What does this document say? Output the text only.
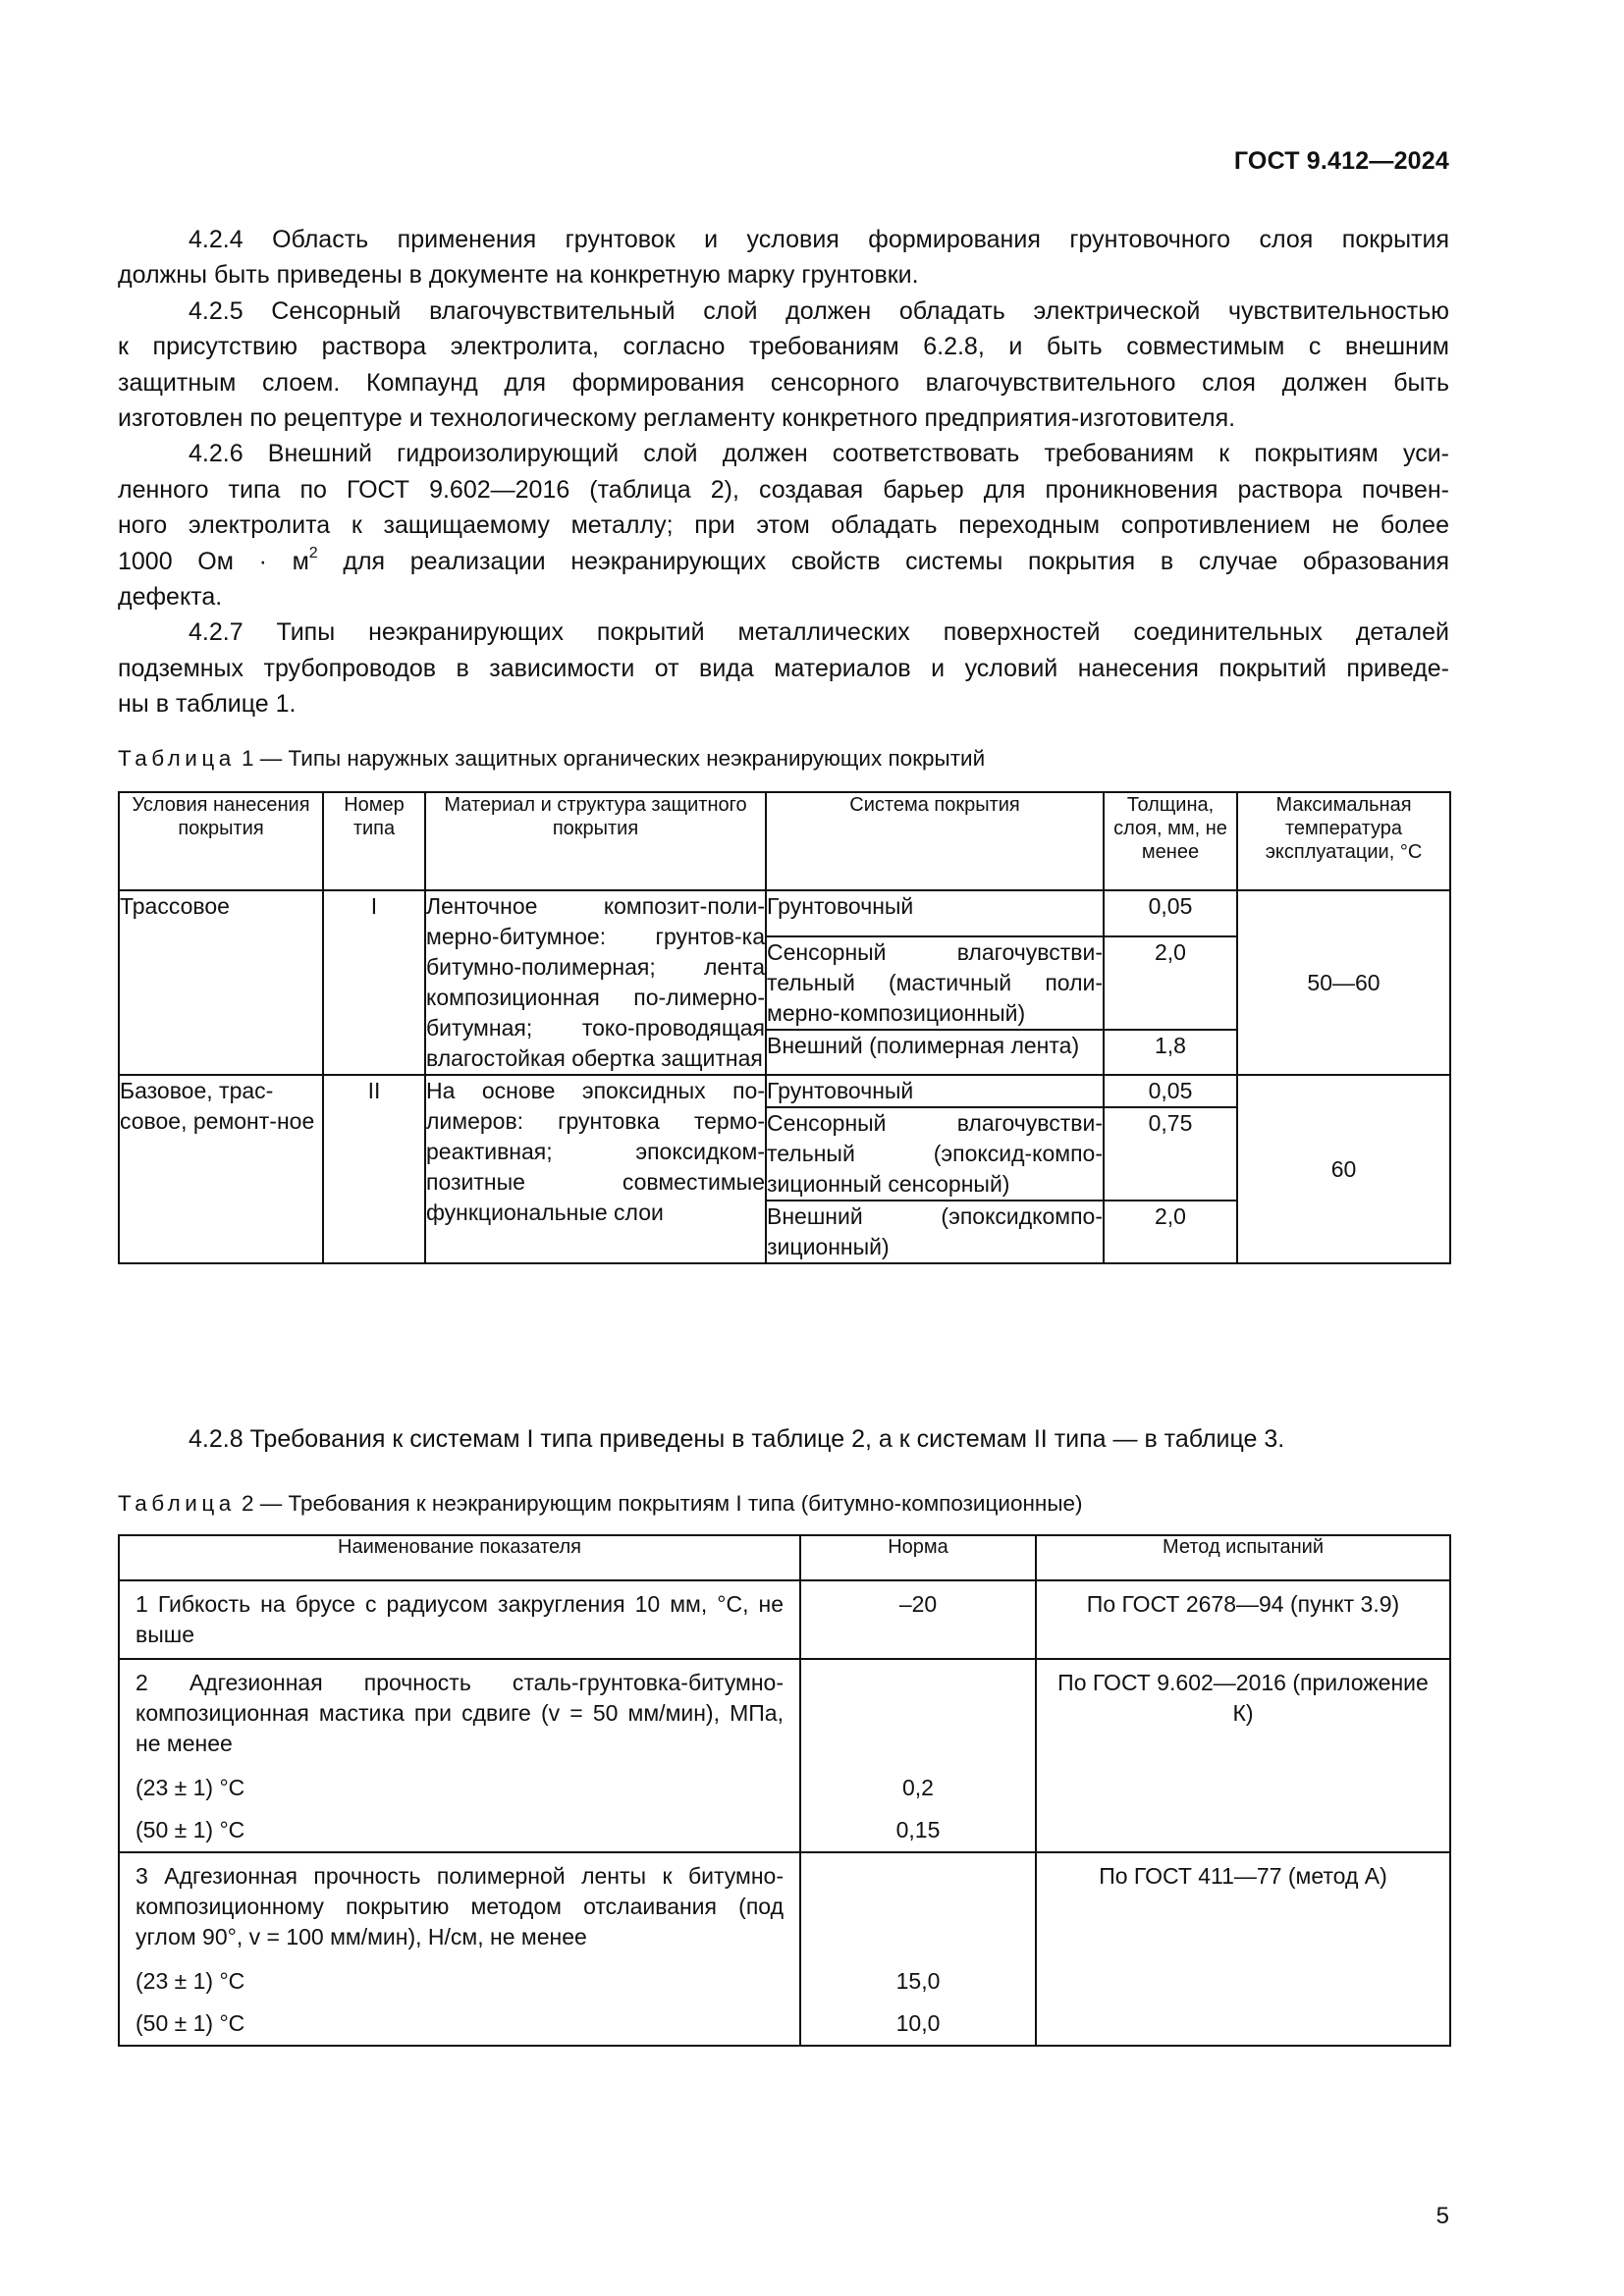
ГОСТ 9.412—2024

4.2.4 Область применения грунтовок и условия формирования грунтовочного слоя покрытия
должны быть приведены в документе на конкретную марку грунтовки.

4.2.5 Сенсорный влагочувствительный слой должен обладать электрической чувствительностью
к присутствию раствора электролита, согласно требованиям 6.2.8, и быть совместимым с внешним
защитным слоем. Компаунд для формирования сенсорного влагочувствительного слоя должен быть
изготовлен по рецептуре и технологическому регламенту конкретного предприятия-изготовителя.

4.2.6 Внешний гидроизолирующий слой должен соответствовать требованиям к покрытиям уси-
ленного типа по ГОСТ 9.602—2016 (таблица 2), создавая барьер для проникновения раствора почвен-
ного электролита к защищаемому металлу; при этом обладать переходным сопротивлением не более
1000 Ом · $м^2$ для реализации неэкранирующих свойств системы покрытия в случае образования
дефекта.

4.2.7 Типы неэкранирующих покрытий металлических поверхностей соединительных деталей
подземных трубопроводов в зависимости от вида материалов и условий нанесения покрытий приведе-
ны в таблице 1.

Таблица 1 — Типы наружных защитных органических неэкранирующих покрытий
Условия нанесения покрытия	Номер типа	Материал и структура защитного покрытия	Система покрытия	Толщина, слоя, мм, не менее	Максимальная температура эксплуатации, °С
Трассовое	I	Ленточное композит-поли-мерно-битумное: грунтов-ка битумно-полимерная; лента композиционная по-лимерно-битумная; токо-проводящая влагостойкая обертка защитная	Грунтовочный	0,05	50—60
			Сенсорный влагочувстви-тельный (мастичный поли-мерно-композиционный)	2,0	
			Внешний (полимерная лента)	1,8	
Базовое, трас-совое, ремонт-ное	II	На основе эпоксидных по-лимеров: грунтовка термо-реактивная; эпоксидком-позитные совместимые функциональные слои	Грунтовочный	0,05	60
			Сенсорный влагочувстви-тельный (эпоксид-компо-зиционный сенсорный)	0,75	
			Внешний (эпоксидкомпо-зиционный)	2,0	
4.2.8 Требования к системам I типа приведены в таблице 2, а к системам II типа — в таблице 3.
Таблица 2 — Требования к неэкранирующим покрытиям I типа (битумно-композиционные)
Наименование показателя	Норма	Метод испытаний
1 Гибкость на брусе с радиусом закругления 10 мм, °С, не выше	–20	По ГОСТ 2678—94 (пункт 3.9)
2 Адгезионная прочность сталь-грунтовка-битумно-композиционная мастика при сдвиге (v = 50 мм/мин), МПа, не менее		По ГОСТ 9.602—2016 (приложение К)
(23 ± 1) °С	0,2	
(50 ± 1) °С	0,15	
3 Адгезионная прочность полимерной ленты к битумно-композиционному покрытию методом отслаивания (под углом 90°, v = 100 мм/мин), Н/см, не менее		По ГОСТ 411—77 (метод А)
(23 ± 1) °С	15,0	
(50 ± 1) °С	10,0	
5
